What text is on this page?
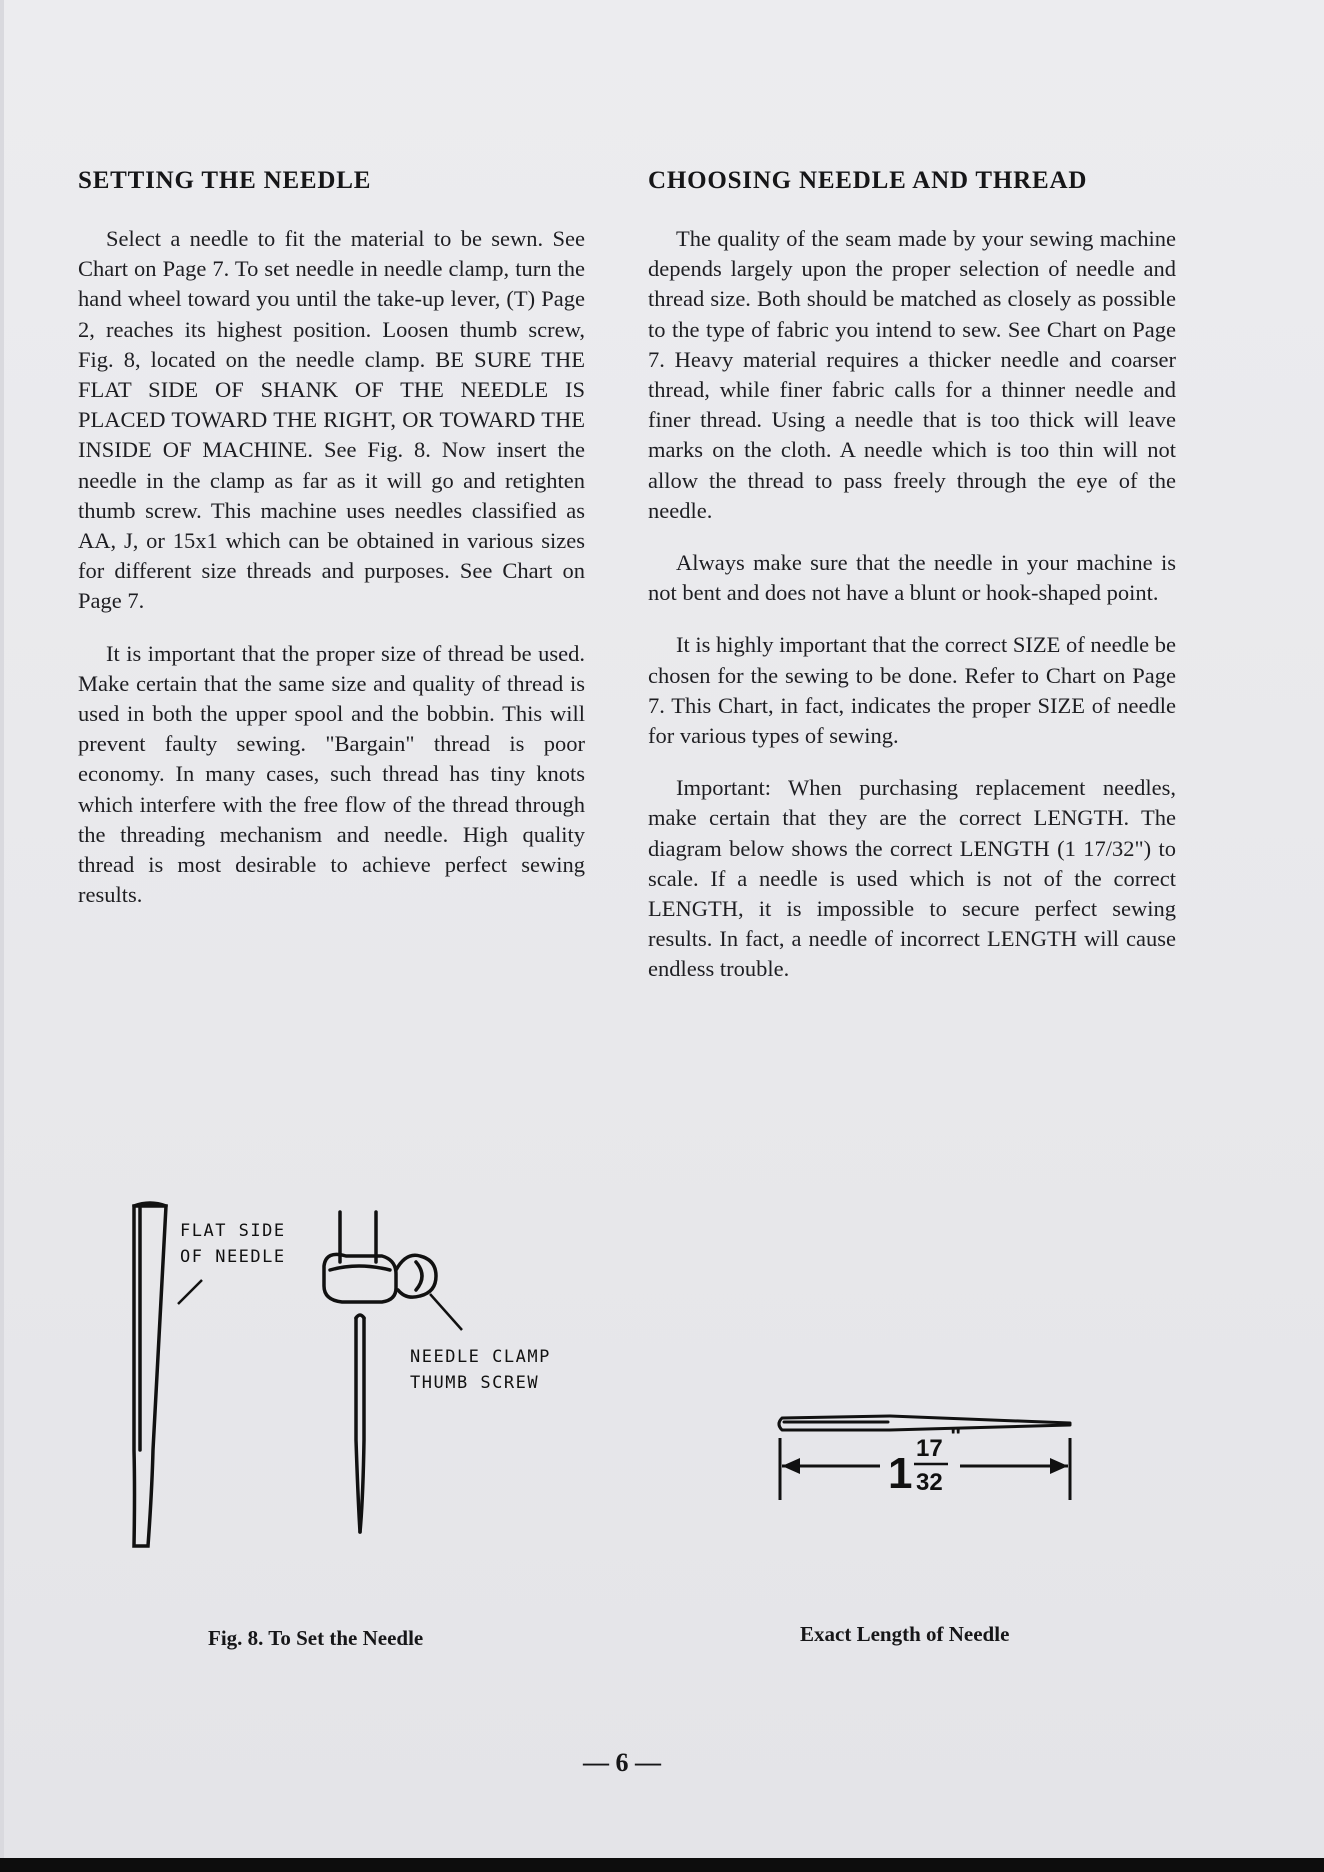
SETTING THE NEEDLE

Select a needle to fit the material to be sewn. See Chart on Page 7. To set needle in needle clamp, turn the hand wheel toward you until the take-up lever, (T) Page 2, reaches its highest position. Loosen thumb screw, Fig. 8, located on the needle clamp. BE SURE THE FLAT SIDE OF SHANK OF THE NEEDLE IS PLACED TOWARD THE RIGHT, OR TOWARD THE INSIDE OF MACHINE. See Fig. 8. Now insert the needle in the clamp as far as it will go and retighten thumb screw. This machine uses needles classified as AA, J, or 15x1 which can be obtained in various sizes for different size threads and purposes. See Chart on Page 7.

It is important that the proper size of thread be used. Make certain that the same size and quality of thread is used in both the upper spool and the bobbin. This will prevent faulty sewing. "Bargain" thread is poor economy. In many cases, such thread has tiny knots which interfere with the free flow of the thread through the threading mechanism and needle. High quality thread is most desirable to achieve perfect sewing results.

CHOOSING NEEDLE AND THREAD

The quality of the seam made by your sewing machine depends largely upon the proper selection of needle and thread size. Both should be matched as closely as possible to the type of fabric you intend to sew. See Chart on Page 7. Heavy material requires a thicker needle and coarser thread, while finer fabric calls for a thinner needle and finer thread. Using a needle that is too thick will leave marks on the cloth. A needle which is too thin will not allow the thread to pass freely through the eye of the needle.

Always make sure that the needle in your machine is not bent and does not have a blunt or hook-shaped point.

It is highly important that the correct SIZE of needle be chosen for the sewing to be done. Refer to Chart on Page 7. This Chart, in fact, indicates the proper SIZE of needle for various types of sewing.

Important: When purchasing replacement needles, make certain that they are the correct LENGTH. The diagram below shows the correct LENGTH (1 17/32") to scale. If a needle is used which is not of the correct LENGTH, it is impossible to secure perfect sewing results. In fact, a needle of incorrect LENGTH will cause endless trouble.

FLAT SIDE
OF NEEDLE
NEEDLE CLAMP
THUMB SCREW
1
17
32
"
Fig. 8. To Set the Needle	Exact Length of Needle
— 6 —
